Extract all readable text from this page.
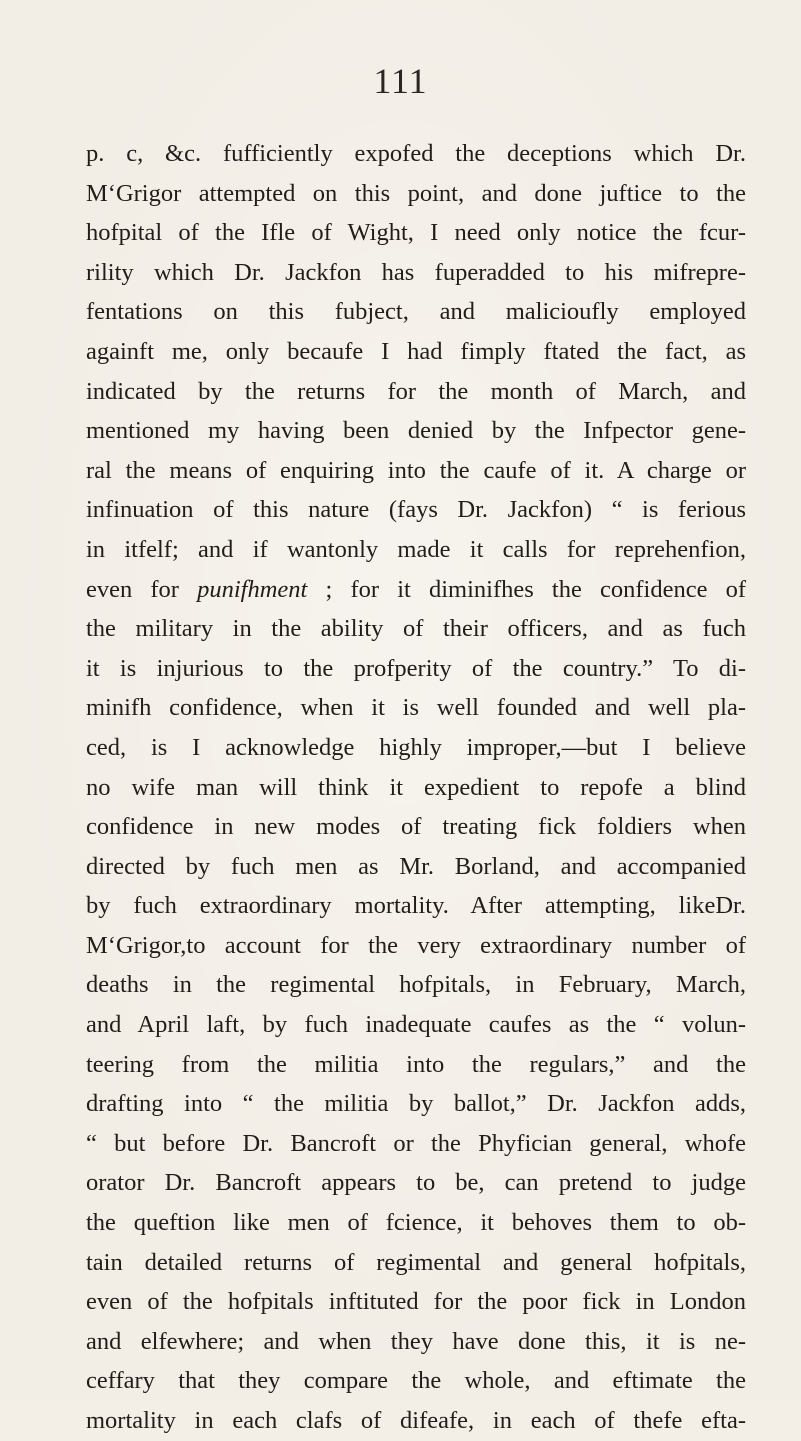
111
p. c, &c. fufficiently expofed the deceptions which Dr.
M‘Grigor attempted on this point, and done juftice to the
hofpital of the Ifle of Wight, I need only notice the fcur-
rility which Dr. Jackfon has fuperadded to his mifrepre-
fentations on this fubject, and malicioufly employed
againft me, only becaufe I had fimply ftated the fact, as
indicated by the returns for the month of March, and
mentioned my having been denied by the Infpector gene-
ral the means of enquiring into the caufe of it. A charge or
infinuation of this nature (fays Dr. Jackfon) “ is ferious
in itfelf; and if wantonly made it calls for reprehenfion,
even for punifhment ; for it diminifhes the confidence of
the military in the ability of their officers, and as fuch
it is injurious to the profperity of the country.” To di-
minifh confidence, when it is well founded and well pla-
ced, is I acknowledge highly improper,—but I believe
no wife man will think it expedient to repofe a blind
confidence in new modes of treating fick foldiers when
directed by fuch men as Mr. Borland, and accompanied
by fuch extraordinary mortality. After attempting, likeDr.
M‘Grigor,to account for the very extraordinary number of
deaths in the regimental hofpitals, in February, March,
and April laft, by fuch inadequate caufes as the “ volun-
teering from the militia into the regulars,” and the
drafting into “ the militia by ballot,” Dr. Jackfon adds,
“ but before Dr. Bancroft or the Phyfician general, whofe
orator Dr. Bancroft appears to be, can pretend to judge
the queftion like men of fcience, it behoves them to ob-
tain detailed returns of regimental and general hofpitals,
even of the hofpitals inftituted for the poor fick in London
and elfewhere; and when they have done this, it is ne-
ceffary that they compare the whole, and eftimate the
mortality in each clafs of difeafe, in each of thefe efta-
